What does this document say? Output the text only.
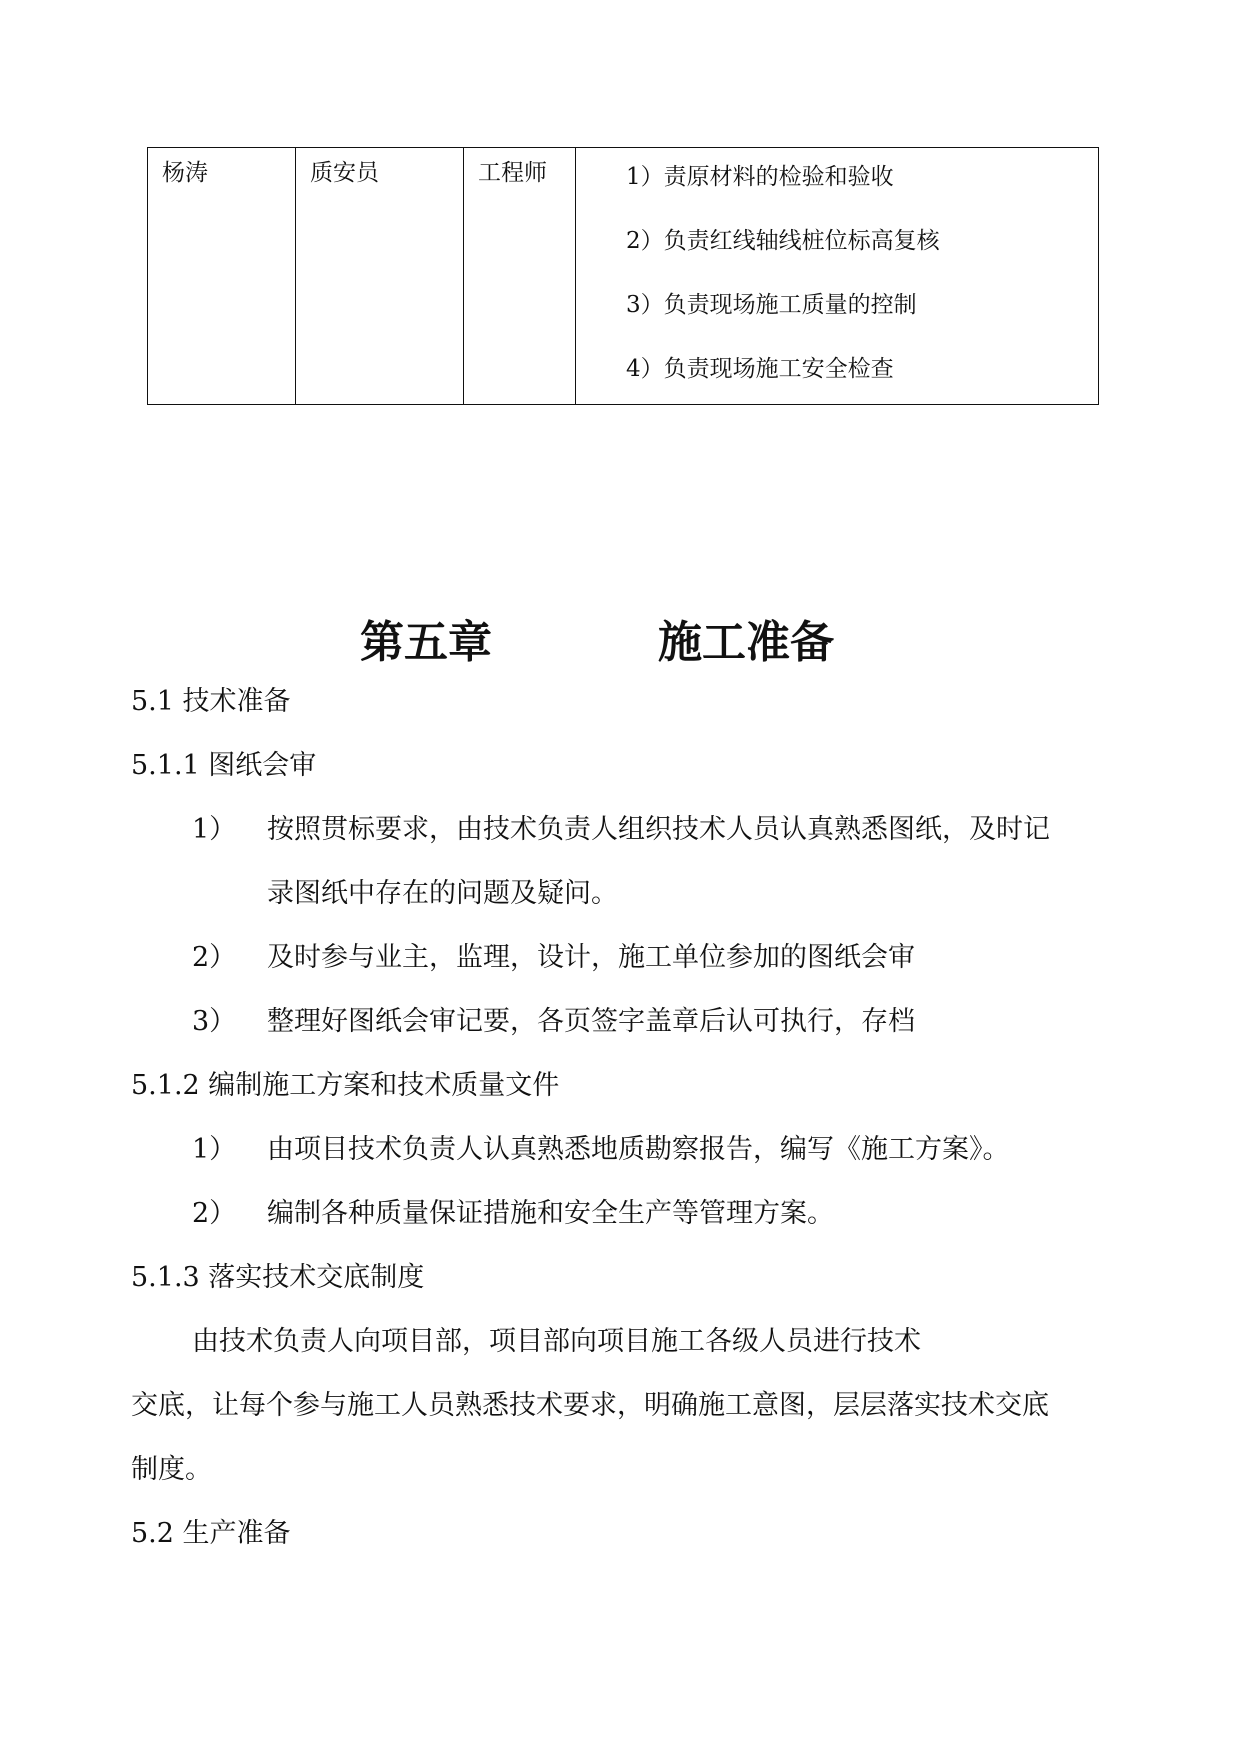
杨涛	质安员	工程师	1）责原材料的检验和验收
2）负责红线轴线桩位标高复核
3）负责现场施工质量的控制
4）负责现场施工安全检查
第五章	施工准备
5.1 技术准备
5.1.1 图纸会审
1） 按照贯标要求，由技术负责人组织技术人员认真熟悉图纸，及时记
录图纸中存在的问题及疑问。
2） 及时参与业主，监理，设计，施工单位参加的图纸会审
3） 整理好图纸会审记要，各页签字盖章后认可执行，存档
5.1.2 编制施工方案和技术质量文件
1） 由项目技术负责人认真熟悉地质勘察报告，编写《施工方案》。
2） 编制各种质量保证措施和安全生产等管理方案。
5.1.3 落实技术交底制度
由技术负责人向项目部，项目部向项目施工各级人员进行技术
交底，让每个参与施工人员熟悉技术要求，明确施工意图，层层落实技术交底
制度。
5.2 生产准备
